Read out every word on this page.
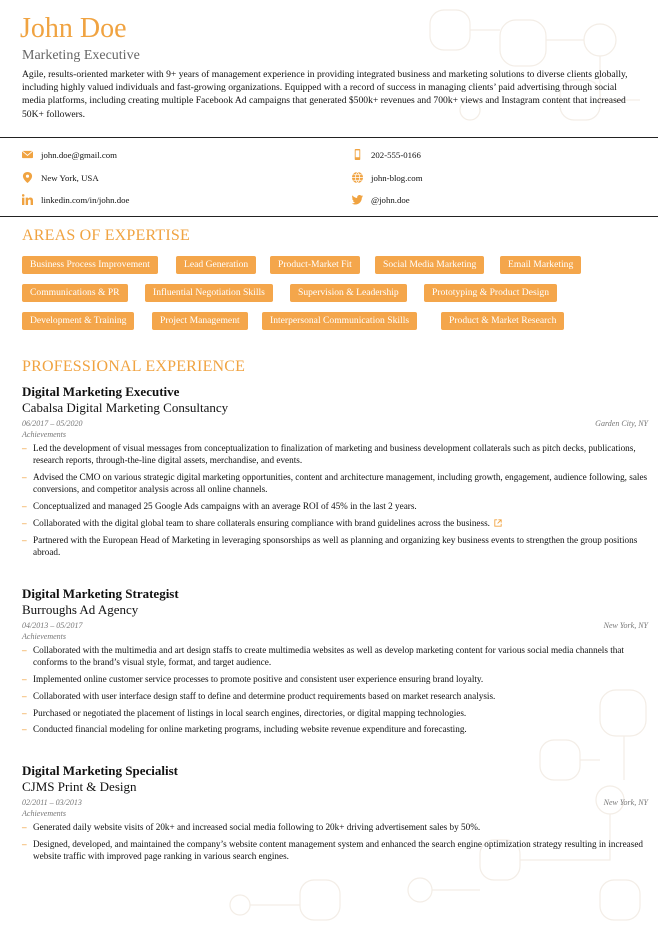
John Doe
Marketing Executive
Agile, results-oriented marketer with 9+ years of management experience in providing integrated business and marketing solutions to diverse clients globally, including highly valued individuals and fast-growing organizations. Equipped with a record of success in managing clients’ paid advertising through social media platforms, including creating multiple Facebook Ad campaigns that generated $500k+ revenues and 700k+ views and Instagram content that increased 50K+ followers.
john.doe@gmail.com	202-555-0166
New York, USA	john-blog.com
linkedin.com/in/john.doe	@john.doe
AREAS OF EXPERTISE
Business Process Improvement	Lead Generation	Product-Market Fit	Social Media Marketing	Email Marketing
Communications & PR	Influential Negotiation Skills	Supervision & Leadership	Prototyping & Product Design
Development & Training	Project Management	Interpersonal Communication Skills	Product & Market Research
PROFESSIONAL EXPERIENCE
Digital Marketing Executive
Cabalsa Digital Marketing Consultancy
06/2017 – 05/2020	Garden City, NY
Achievements
– Led the development of visual messages from conceptualization to finalization of marketing and business development collaterals such as pitch decks, publications, research reports, through-the-line digital assets, merchandise, and events.
– Advised the CMO on various strategic digital marketing opportunities, content and architecture management, including growth, engagement, audience following, sales conversions, and competitor analysis across all online channels.
– Conceptualized and managed 25 Google Ads campaigns with an average ROI of 45% in the last 2 years.
– Collaborated with the digital global team to share collaterals ensuring compliance with brand guidelines across the business.
– Partnered with the European Head of Marketing in leveraging sponsorships as well as planning and organizing key business events to strengthen the group positions abroad.
Digital Marketing Strategist
Burroughs Ad Agency
04/2013 – 05/2017	New York, NY
Achievements
– Collaborated with the multimedia and art design staffs to create multimedia websites as well as develop marketing content for various social media channels that conforms to the brand’s visual style, format, and target audience.
– Implemented online customer service processes to promote positive and consistent user experience ensuring brand loyalty.
– Collaborated with user interface design staff to define and determine product requirements based on market research analysis.
– Purchased or negotiated the placement of listings in local search engines, directories, or digital mapping technologies.
– Conducted financial modeling for online marketing programs, including website revenue expenditure and forecasting.
Digital Marketing Specialist
CJMS Print & Design
02/2011 – 03/2013	New York, NY
Achievements
– Generated daily website visits of 20k+ and increased social media following to 20k+ driving advertisement sales by 50%.
– Designed, developed, and maintained the company’s website content management system and enhanced the search engine optimization strategy resulting in increased website traffic with improved page ranking in various search engines.
